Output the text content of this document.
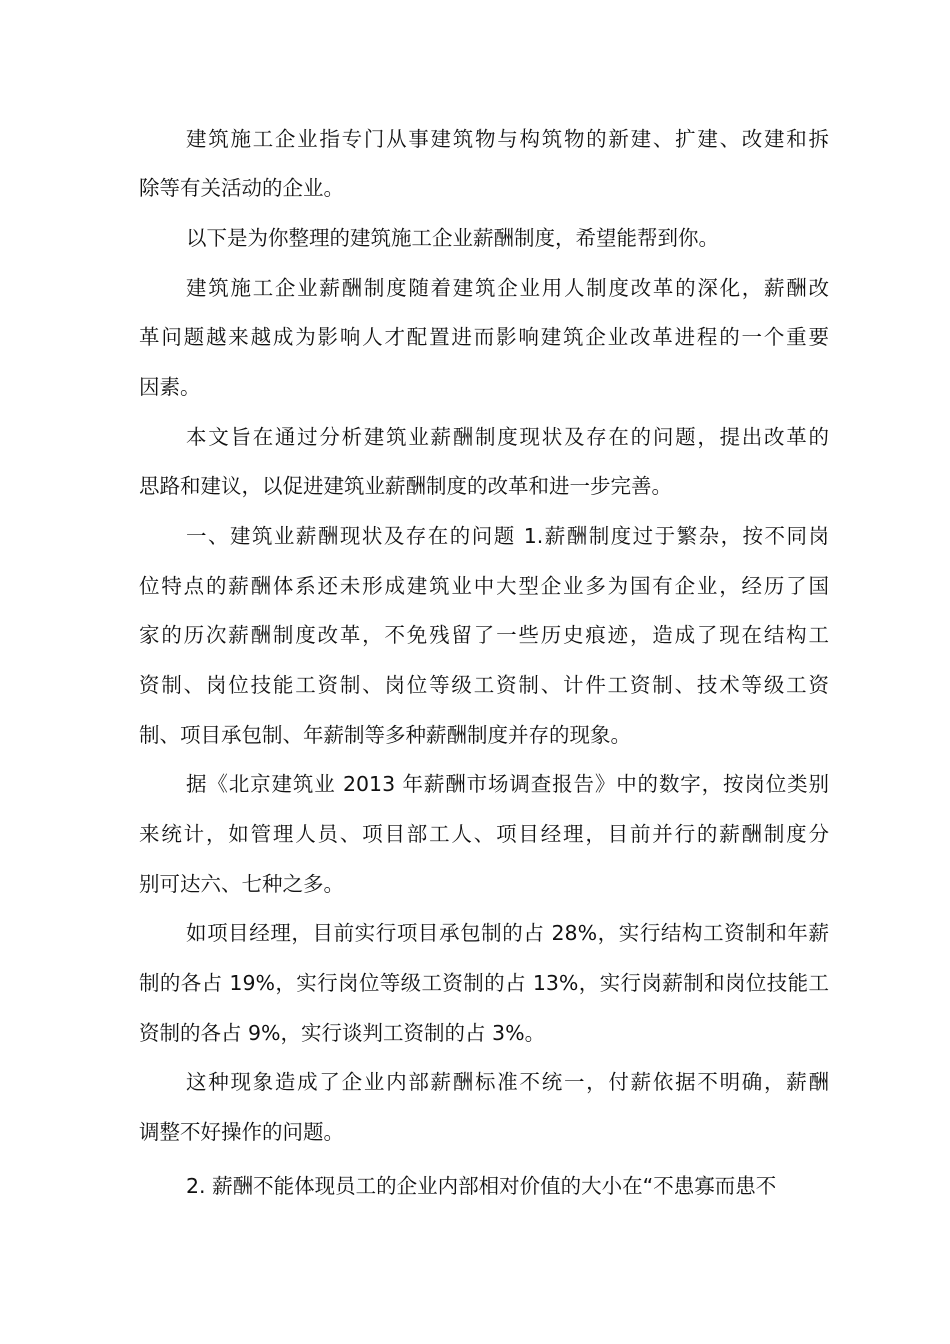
建筑施工企业指专门从事建筑物与构筑物的新建、扩建、改建和拆
除等有关活动的企业。
以下是为你整理的建筑施工企业薪酬制度，希望能帮到你。
建筑施工企业薪酬制度随着建筑企业用人制度改革的深化，薪酬改
革问题越来越成为影响人才配置进而影响建筑企业改革进程的一个重要
因素。
本文旨在通过分析建筑业薪酬制度现状及存在的问题，提出改革的
思路和建议，以促进建筑业薪酬制度的改革和进一步完善。
一、建筑业薪酬现状及存在的问题 1.薪酬制度过于繁杂，按不同岗
位特点的薪酬体系还未形成建筑业中大型企业多为国有企业，经历了国
家的历次薪酬制度改革，不免残留了一些历史痕迹，造成了现在结构工
资制、岗位技能工资制、岗位等级工资制、计件工资制、技术等级工资
制、项目承包制、年薪制等多种薪酬制度并存的现象。
据《北京建筑业 2013 年薪酬市场调查报告》中的数字，按岗位类别
来统计，如管理人员、项目部工人、项目经理，目前并行的薪酬制度分
别可达六、七种之多。
如项目经理，目前实行项目承包制的占 28%，实行结构工资制和年薪
制的各占 19%，实行岗位等级工资制的占 13%，实行岗薪制和岗位技能工
资制的各占 9%，实行谈判工资制的占 3%。
这种现象造成了企业内部薪酬标准不统一，付薪依据不明确，薪酬
调整不好操作的问题。
2. 薪酬不能体现员工的企业内部相对价值的大小在“不患寡而患不
